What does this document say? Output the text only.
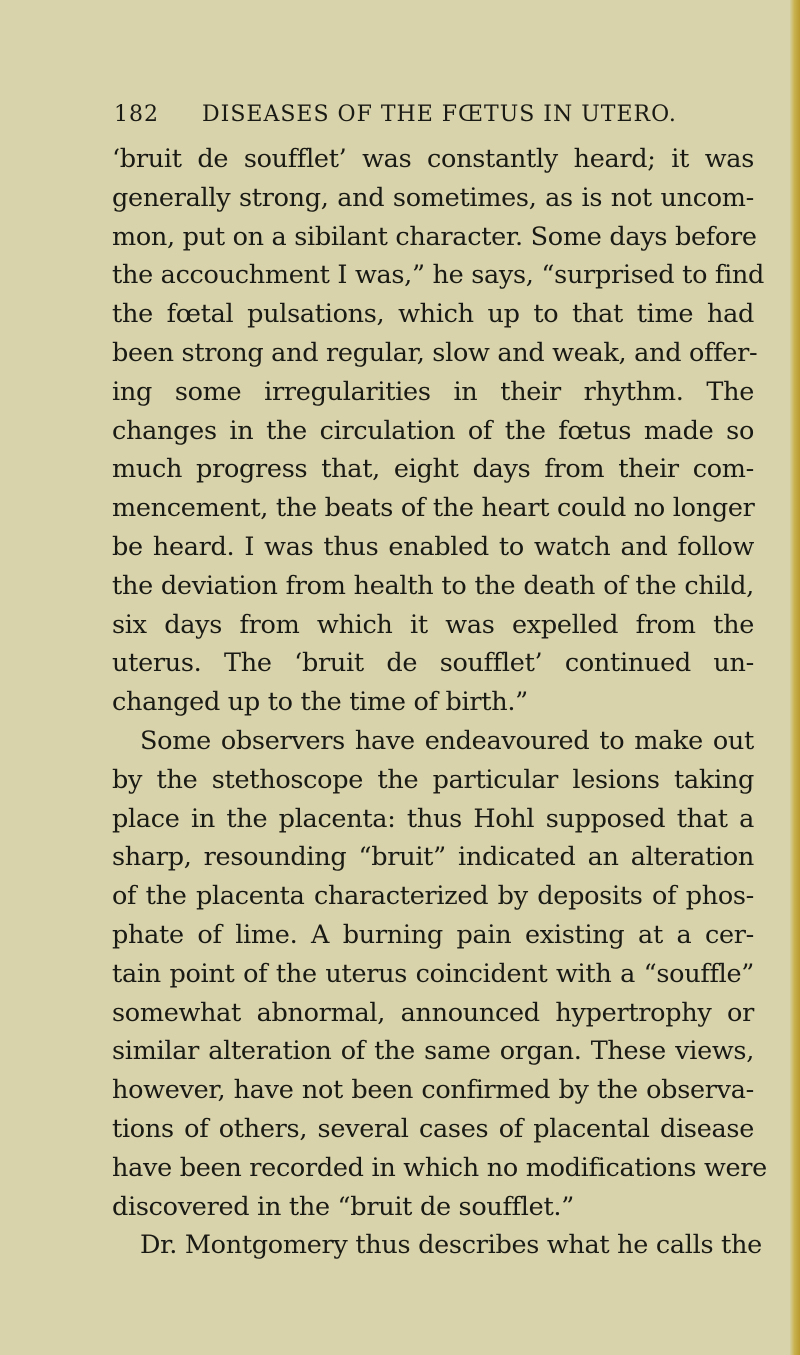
182 DISEASES OF THE FŒTUS IN UTERO.
‘bruit de soufflet’ was constantly heard; it was
generally strong, and sometimes, as is not uncom-
mon, put on a sibilant character. Some days before
the accouchment I was,” he says, “surprised to find
the fœtal pulsations, which up to that time had
been strong and regular, slow and weak, and offer-
ing some irregularities in their rhythm. The
changes in the circulation of the fœtus made so
much progress that, eight days from their com-
mencement, the beats of the heart could no longer
be heard. I was thus enabled to watch and follow
the deviation from health to the death of the child,
six days from which it was expelled from the
uterus. The ‘bruit de soufflet’ continued un-
changed up to the time of birth.”
Some observers have endeavoured to make out
by the stethoscope the particular lesions taking
place in the placenta: thus Hohl supposed that a
sharp, resounding “bruit” indicated an alteration
of the placenta characterized by deposits of phos-
phate of lime. A burning pain existing at a cer-
tain point of the uterus coincident with a “souffle”
somewhat abnormal, announced hypertrophy or
similar alteration of the same organ. These views,
however, have not been confirmed by the observa-
tions of others, several cases of placental disease
have been recorded in which no modifications were
discovered in the “bruit de soufflet.”
Dr. Montgomery thus describes what he calls the
